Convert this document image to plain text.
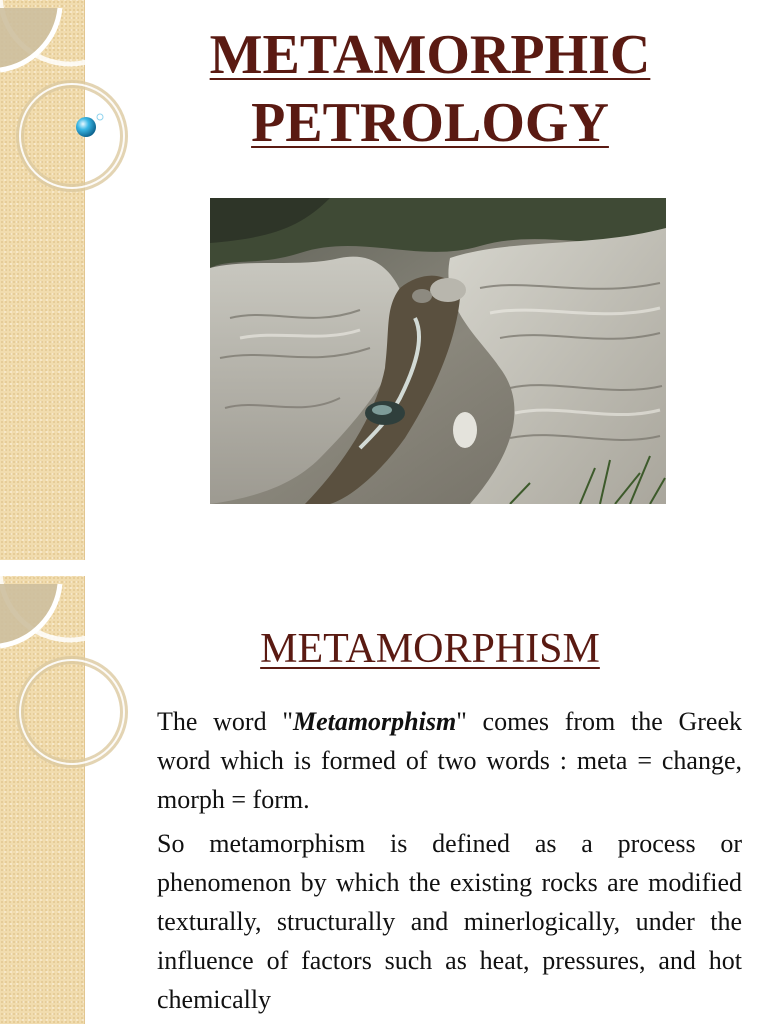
METAMORPHIC
PETROLOGY
METAMORPHISM

The word "Metamorphism" comes from the Greek word which is formed of two words : meta = change, morph = form.

So metamorphism is defined as a process or phenomenon by which the existing rocks are modified texturally, structurally and minerlogically, under the influence of factors such as heat, pressures, and hot chemically
